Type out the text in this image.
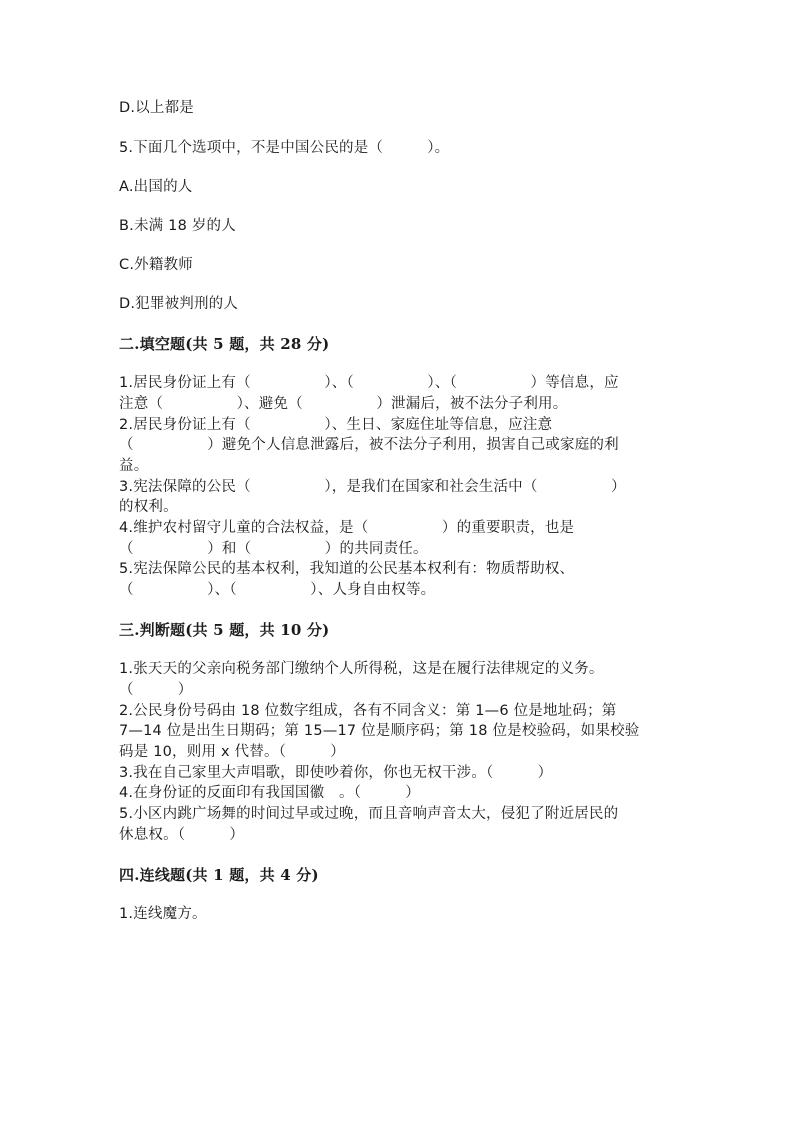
D.以上都是
5.下面几个选项中，不是中国公民的是（　　　）。
A.出国的人
B.未满 18 岁的人
C.外籍教师
D.犯罪被判刑的人
二.填空题(共 5 题，共 28 分)
1.居民身份证上有（　　　　　）、（　　　　　）、（　　　　　）等信息，应
注意（　　　　　）、避免（　　　　　）泄漏后，被不法分子利用。
2.居民身份证上有（　　　　　）、生日、家庭住址等信息，应注意
（　　　　　）避免个人信息泄露后，被不法分子利用，损害自己或家庭的利
益。
3.宪法保障的公民（　　　　　），是我们在国家和社会生活中（　　　　　）
的权利。
4.维护农村留守儿童的合法权益，是（　　　　　）的重要职责，也是
（　　　　　）和（　　　　　）的共同责任。
5.宪法保障公民的基本权利，我知道的公民基本权利有：物质帮助权、
（　　　　　）、（　　　　　）、人身自由权等。
三.判断题(共 5 题，共 10 分)
1.张天天的父亲向税务部门缴纳个人所得税，这是在履行法律规定的义务。
（　　　）
2.公民身份号码由 18 位数字组成，各有不同含义：第 1—6 位是地址码；第
7—14 位是出生日期码；第 15—17 位是顺序码；第 18 位是校验码，如果校验
码是 10，则用 x 代替。（　　　）
3.我在自己家里大声唱歌，即使吵着你，你也无权干涉。（　　　）
4.在身份证的反面印有我国国徽　。（　　　）
5.小区内跳广场舞的时间过早或过晚，而且音响声音太大，侵犯了附近居民的
休息权。（　　　）
四.连线题(共 1 题，共 4 分)
1.连线魔方。
